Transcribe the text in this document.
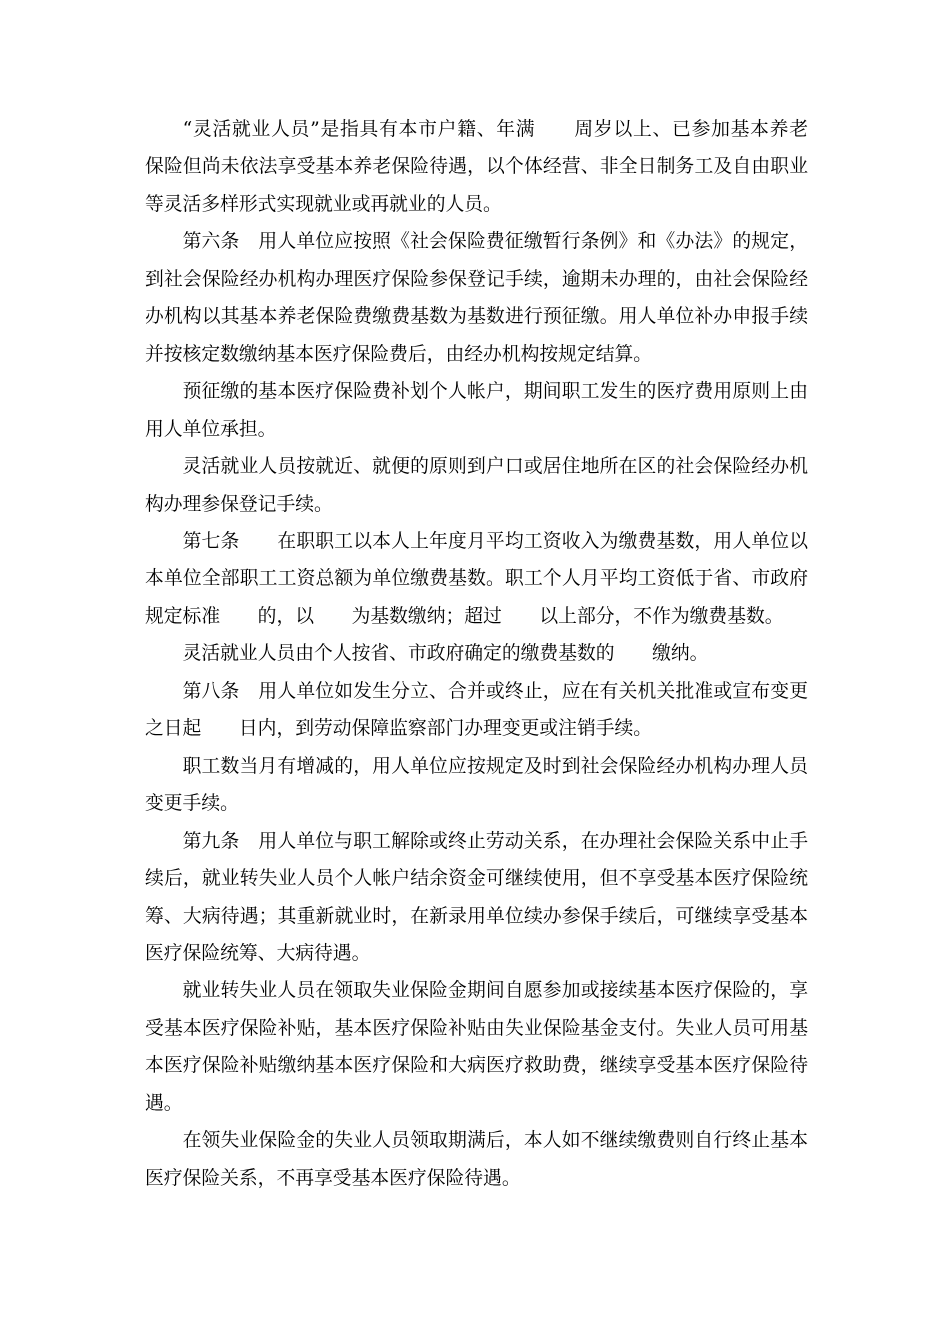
“灵活就业人员”是指具有本市户籍、年满　　周岁以上、已参加基本养老
保险但尚未依法享受基本养老保险待遇，以个体经营、非全日制务工及自由职业
等灵活多样形式实现就业或再就业的人员。
第六条　用人单位应按照《社会保险费征缴暂行条例》和《办法》的规定，
到社会保险经办机构办理医疗保险参保登记手续，逾期未办理的，由社会保险经
办机构以其基本养老保险费缴费基数为基数进行预征缴。用人单位补办申报手续
并按核定数缴纳基本医疗保险费后，由经办机构按规定结算。
预征缴的基本医疗保险费补划个人帐户，期间职工发生的医疗费用原则上由
用人单位承担。
灵活就业人员按就近、就便的原则到户口或居住地所在区的社会保险经办机
构办理参保登记手续。
第七条　　在职职工以本人上年度月平均工资收入为缴费基数，用人单位以
本单位全部职工工资总额为单位缴费基数。职工个人月平均工资低于省、市政府
规定标准　　的，以　　为基数缴纳；超过　　以上部分，不作为缴费基数。
灵活就业人员由个人按省、市政府确定的缴费基数的　　缴纳。
第八条　用人单位如发生分立、合并或终止，应在有关机关批准或宣布变更
之日起　　日内，到劳动保障监察部门办理变更或注销手续。
职工数当月有增减的，用人单位应按规定及时到社会保险经办机构办理人员
变更手续。
第九条　用人单位与职工解除或终止劳动关系，在办理社会保险关系中止手
续后，就业转失业人员个人帐户结余资金可继续使用，但不享受基本医疗保险统
筹、大病待遇；其重新就业时，在新录用单位续办参保手续后，可继续享受基本
医疗保险统筹、大病待遇。
就业转失业人员在领取失业保险金期间自愿参加或接续基本医疗保险的，享
受基本医疗保险补贴，基本医疗保险补贴由失业保险基金支付。失业人员可用基
本医疗保险补贴缴纳基本医疗保险和大病医疗救助费，继续享受基本医疗保险待
遇。
在领失业保险金的失业人员领取期满后，本人如不继续缴费则自行终止基本
医疗保险关系，不再享受基本医疗保险待遇。
